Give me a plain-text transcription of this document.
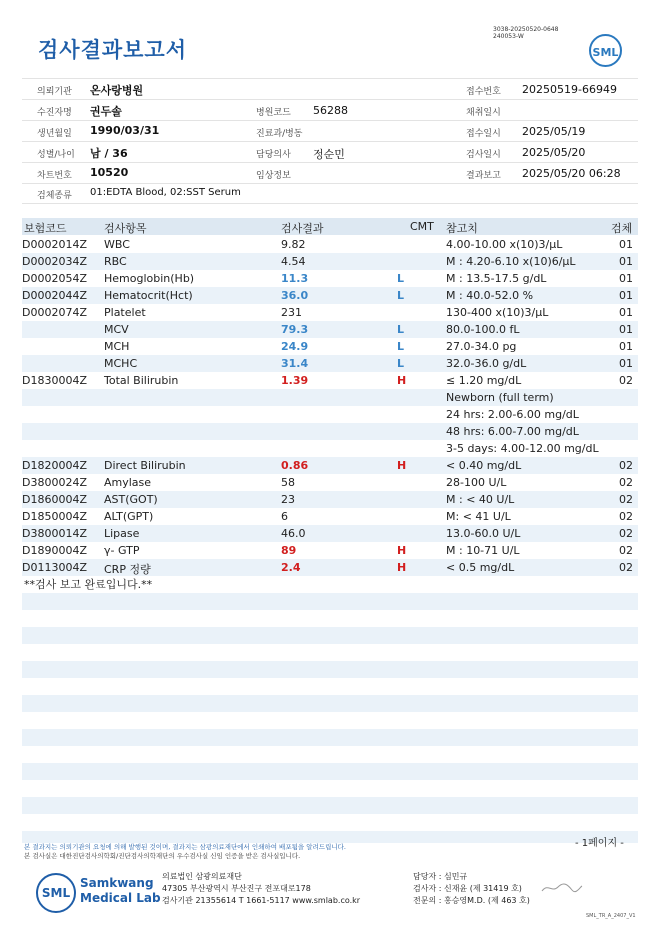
검사결과보고서
3038-20250520-0648
240053-W
SML
의뢰기관 온사랑병원	접수번호 20250519-66949
수진자명 권두솔	병원코드 56288	채취일시
생년월일 1990/03/31	진료과/병동	접수일시 2025/05/19
성별/나이 남 / 36	담당의사 정순민	검사일시 2025/05/20
차트번호 10520	임상정보	결과보고 2025/05/20 06:28
검체종류 01:EDTA Blood, 02:SST Serum
보험코드	검사항목	검사결과	CMT 참고치	검체
D0002014Z WBC	9.82	4.00-10.00 x(10)3/μL	01
D0002034Z RBC	4.54	M : 4.20-6.10 x(10)6/μL	01
D0002054Z Hemoglobin(Hb)	11.3	L	M : 13.5-17.5 g/dL	01
D0002044Z Hematocrit(Hct)	36.0	L	M : 40.0-52.0 %	01
D0002074Z Platelet	231	130-400 x(10)3/μL	01
MCV	79.3	L	80.0-100.0 fL	01
MCH	24.9	L	27.0-34.0 pg	01
MCHC	31.4	L	32.0-36.0 g/dL	01
D1830004Z Total Bilirubin	1.39	H	≤ 1.20 mg/dL	02
Newborn (full term)
24 hrs: 2.00-6.00 mg/dL
48 hrs: 6.00-7.00 mg/dL
3-5 days: 4.00-12.00 mg/dL
D1820004Z Direct Bilirubin	0.86	H	< 0.40 mg/dL	02
D3800024Z Amylase	58	28-100 U/L	02
D1860004Z AST(GOT)	23	M : < 40 U/L	02
D1850004Z ALT(GPT)	6	M: < 41 U/L	02
D3800014Z Lipase	46.0	13.0-60.0 U/L	02
D1890004Z γ- GTP	89	H	M : 10-71 U/L	02
D0113004Z CRP 정량	2.4	H	< 0.5 mg/dL	02
**검사 보고 완료입니다.**
- 1페이지 -
본 결과지는 의뢰기관의 요청에 의해 발행된 것이며, 결과지는 삼광의료재단에서 인쇄하여 배포됨을 알려드립니다.
본 검사실은 대한진단검사의학회/진단검사의학재단의 우수검사실 신임 인증을 받은 검사실입니다.
SML
Samkwang
Medical Lab
의료법인 삼광의료재단
47305 부산광역시 부산진구 전포대로178
검사기관 21355614 T 1661-5117 www.smlab.co.kr
담당자 : 심민규
검사자 : 신재윤 (제 31419 호)
전문의 : 홍승영M.D. (제 463 호)
SML_TR_A_2407_V1
